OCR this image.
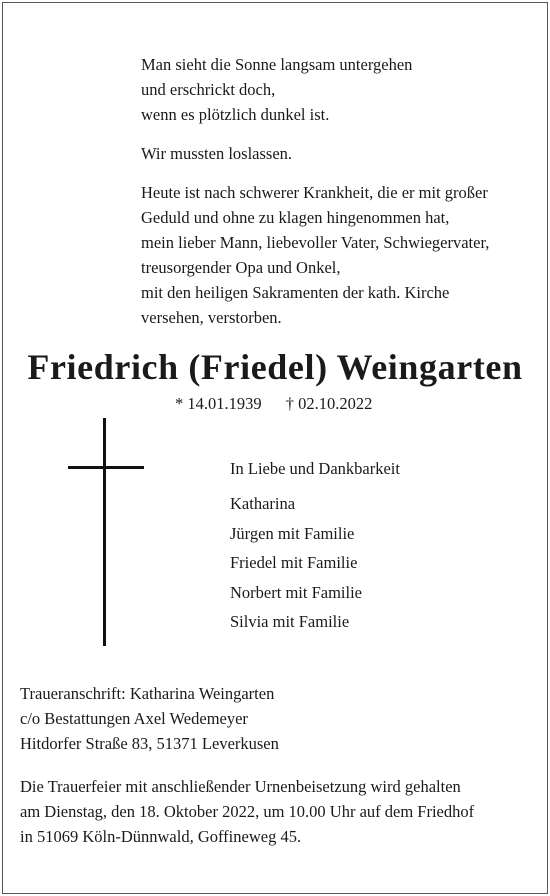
Man sieht die Sonne langsam untergehen
und erschrickt doch,
wenn es plötzlich dunkel ist.
Wir mussten loslassen.
Heute ist nach schwerer Krankheit, die er mit großer
Geduld und ohne zu klagen hingenommen hat,
mein lieber Mann, liebevoller Vater, Schwiegervater,
treusorgender Opa und Onkel,
mit den heiligen Sakramenten der kath. Kirche
versehen, verstorben.
Friedrich (Friedel) Weingarten
* 14.01.1939 † 02.10.2022
In Liebe und Dankbarkeit
Katharina
Jürgen mit Familie
Friedel mit Familie
Norbert mit Familie
Silvia mit Familie
Traueranschrift: Katharina Weingarten
c/o Bestattungen Axel Wedemeyer
Hitdorfer Straße 83, 51371 Leverkusen
Die Trauerfeier mit anschließender Urnenbeisetzung wird gehalten
am Dienstag, den 18. Oktober 2022, um 10.00 Uhr auf dem Friedhof
in 51069 Köln-Dünnwald, Goffineweg 45.
